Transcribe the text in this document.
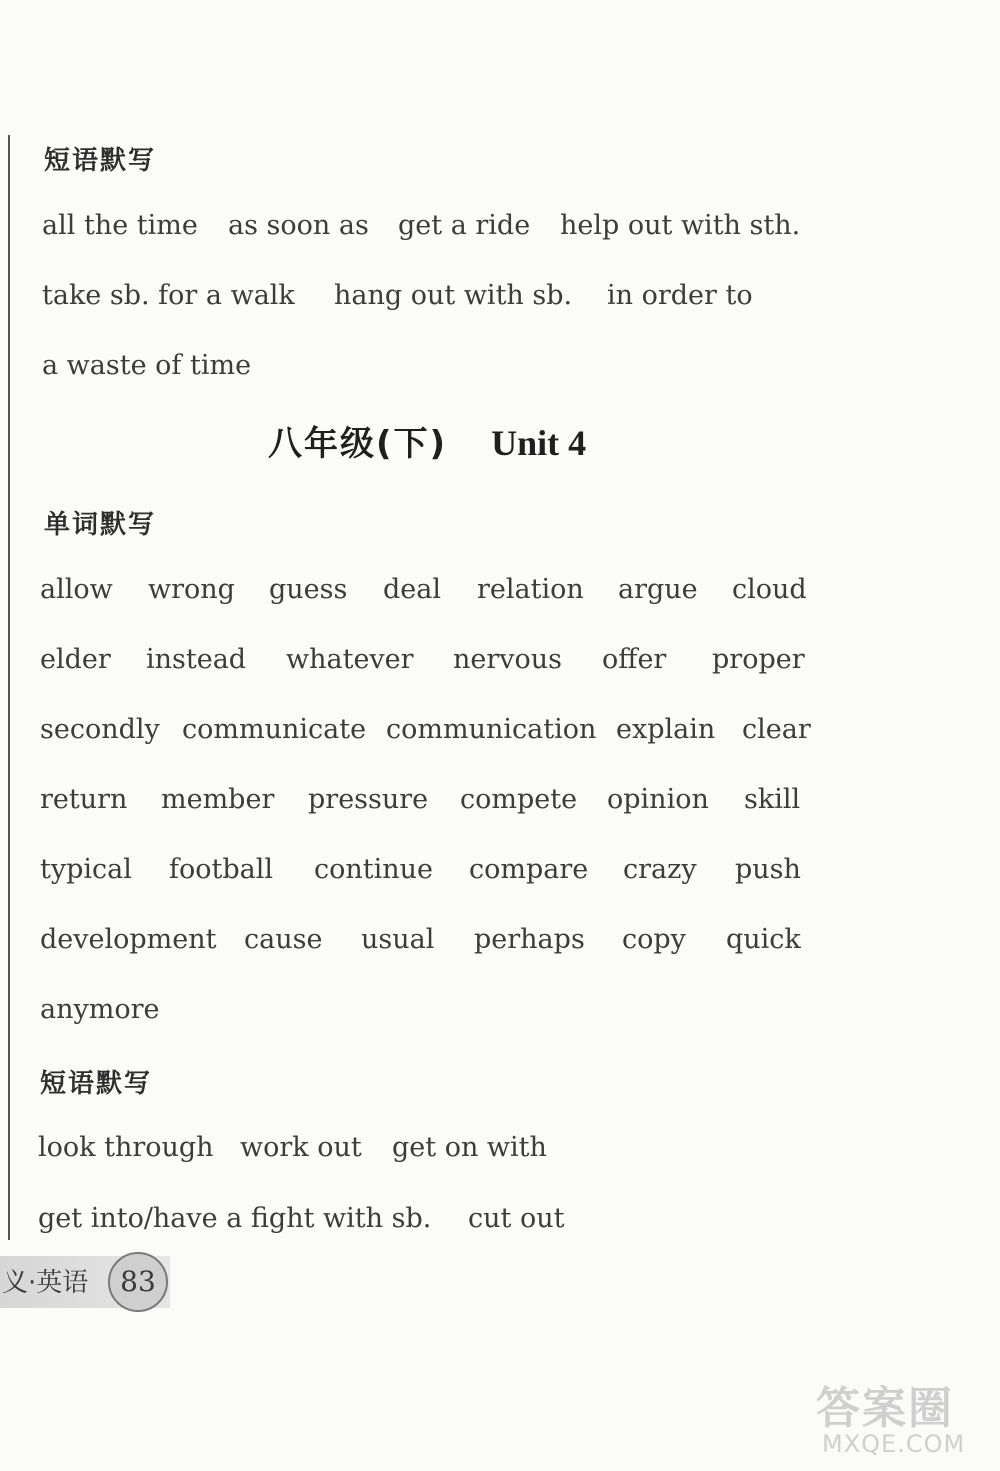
短语默写
all the time as soon as get a ride help out with sth.
take sb. for a walk hang out with sb. in order to
a waste of time
八年级(下) Unit 4
单词默写
allow wrong guess deal relation argue cloud
elder instead whatever nervous offer proper
secondly communicate communication explain clear
return member pressure compete opinion skill
typical football continue compare crazy push
development cause usual perhaps copy quick
anymore
短语默写
look through work out get on with
get into/have a fight with sb. cut out
义·英语	83
答案圈
MXQE.COM
